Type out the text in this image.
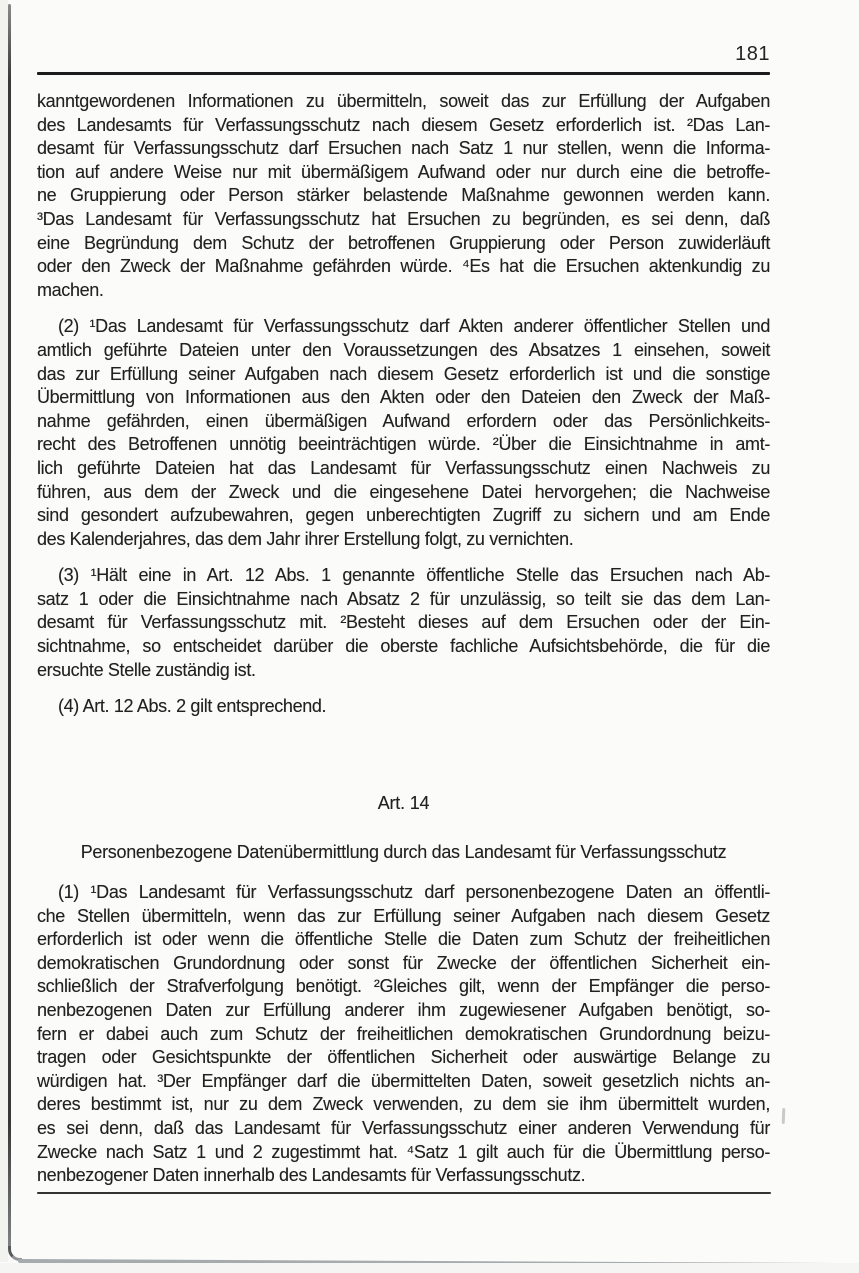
181
kanntgewordenen Informationen zu übermitteln, soweit das zur Erfüllung der Aufgaben
des Landesamts für Verfassungsschutz nach diesem Gesetz erforderlich ist. ²Das Lan-
desamt für Verfassungsschutz darf Ersuchen nach Satz 1 nur stellen, wenn die Informa-
tion auf andere Weise nur mit übermäßigem Aufwand oder nur durch eine die betroffe-
ne Gruppierung oder Person stärker belastende Maßnahme gewonnen werden kann.
³Das Landesamt für Verfassungsschutz hat Ersuchen zu begründen, es sei denn, daß
eine Begründung dem Schutz der betroffenen Gruppierung oder Person zuwiderläuft
oder den Zweck der Maßnahme gefährden würde. ⁴Es hat die Ersuchen aktenkundig zu
machen.
(2) ¹Das Landesamt für Verfassungsschutz darf Akten anderer öffentlicher Stellen und
amtlich geführte Dateien unter den Voraussetzungen des Absatzes 1 einsehen, soweit
das zur Erfüllung seiner Aufgaben nach diesem Gesetz erforderlich ist und die sonstige
Übermittlung von Informationen aus den Akten oder den Dateien den Zweck der Maß-
nahme gefährden, einen übermäßigen Aufwand erfordern oder das Persönlichkeits-
recht des Betroffenen unnötig beeinträchtigen würde. ²Über die Einsichtnahme in amt-
lich geführte Dateien hat das Landesamt für Verfassungsschutz einen Nachweis zu
führen, aus dem der Zweck und die eingesehene Datei hervorgehen; die Nachweise
sind gesondert aufzubewahren, gegen unberechtigten Zugriff zu sichern und am Ende
des Kalenderjahres, das dem Jahr ihrer Erstellung folgt, zu vernichten.
(3) ¹Hält eine in Art. 12 Abs. 1 genannte öffentliche Stelle das Ersuchen nach Ab-
satz 1 oder die Einsichtnahme nach Absatz 2 für unzulässig, so teilt sie das dem Lan-
desamt für Verfassungsschutz mit. ²Besteht dieses auf dem Ersuchen oder der Ein-
sichtnahme, so entscheidet darüber die oberste fachliche Aufsichtsbehörde, die für die
ersuchte Stelle zuständig ist.
(4) Art. 12 Abs. 2 gilt entsprechend.
Art. 14
Personenbezogene Datenübermittlung durch das Landesamt für Verfassungsschutz
(1) ¹Das Landesamt für Verfassungsschutz darf personenbezogene Daten an öffentli-
che Stellen übermitteln, wenn das zur Erfüllung seiner Aufgaben nach diesem Gesetz
erforderlich ist oder wenn die öffentliche Stelle die Daten zum Schutz der freiheitlichen
demokratischen Grundordnung oder sonst für Zwecke der öffentlichen Sicherheit ein-
schließlich der Strafverfolgung benötigt. ²Gleiches gilt, wenn der Empfänger die perso-
nenbezogenen Daten zur Erfüllung anderer ihm zugewiesener Aufgaben benötigt, so-
fern er dabei auch zum Schutz der freiheitlichen demokratischen Grundordnung beizu-
tragen oder Gesichtspunkte der öffentlichen Sicherheit oder auswärtige Belange zu
würdigen hat. ³Der Empfänger darf die übermittelten Daten, soweit gesetzlich nichts an-
deres bestimmt ist, nur zu dem Zweck verwenden, zu dem sie ihm übermittelt wurden,
es sei denn, daß das Landesamt für Verfassungsschutz einer anderen Verwendung für
Zwecke nach Satz 1 und 2 zugestimmt hat. ⁴Satz 1 gilt auch für die Übermittlung perso-
nenbezogener Daten innerhalb des Landesamts für Verfassungsschutz.
